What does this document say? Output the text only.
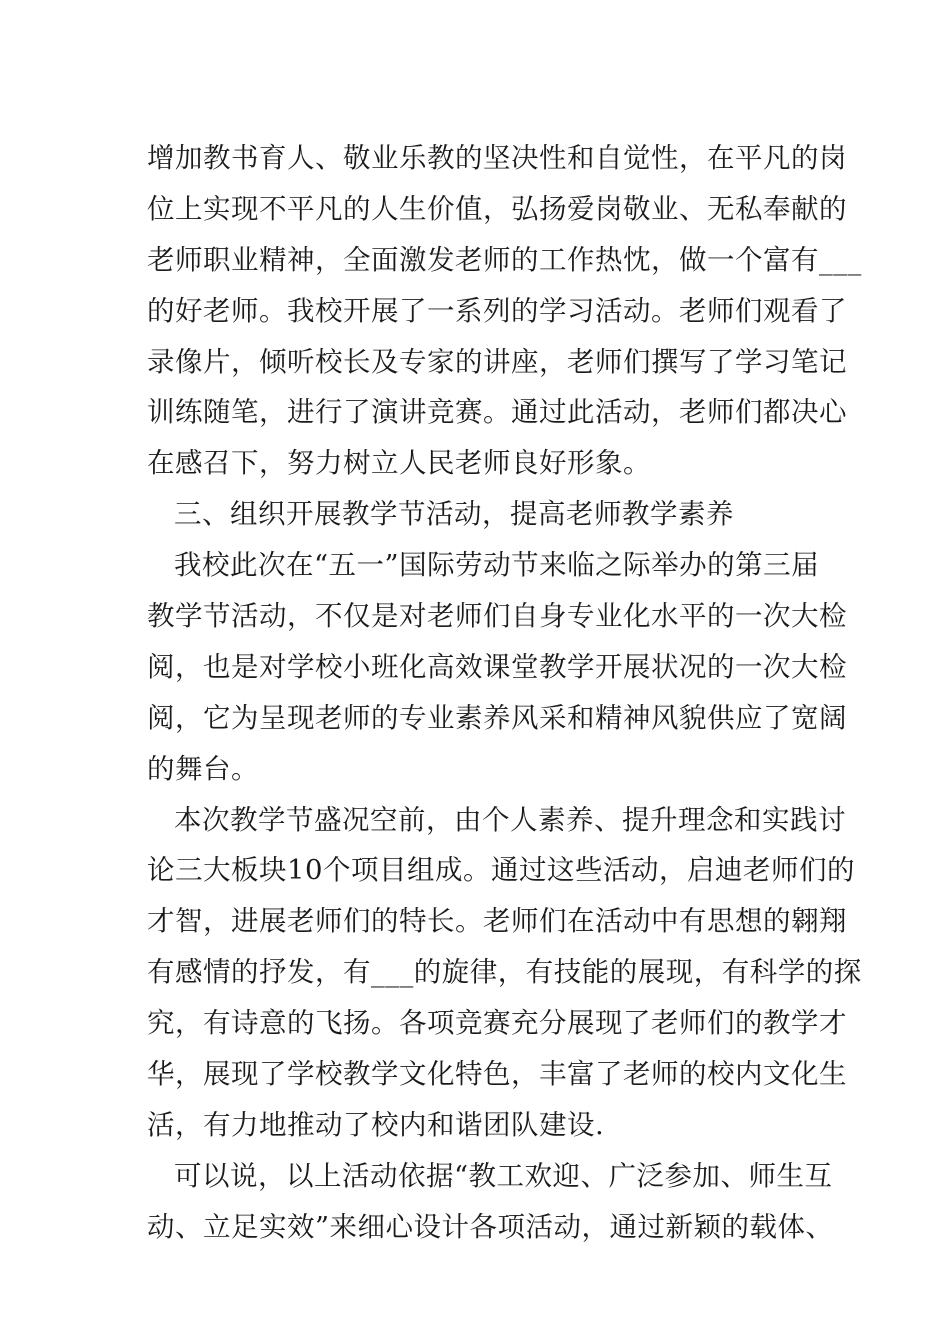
增加教书育人、敬业乐教的坚决性和自觉性，在平凡的岗
位上实现不平凡的人生价值，弘扬爱岗敬业、无私奉献的
老师职业精神，全面激发老师的工作热忱，做一个富有___
的好老师。我校开展了一系列的学习活动。老师们观看了
录像片，倾听校长及专家的讲座，老师们撰写了学习笔记
训练随笔，进行了演讲竞赛。通过此活动，老师们都决心
在感召下，努力树立人民老师良好形象。
三、组织开展教学节活动，提高老师教学素养
我校此次在“五一”国际劳动节来临之际举办的第三届
教学节活动，不仅是对老师们自身专业化水平的一次大检
阅，也是对学校小班化高效课堂教学开展状况的一次大检
阅，它为呈现老师的专业素养风采和精神风貌供应了宽阔
的舞台。
本次教学节盛况空前，由个人素养、提升理念和实践讨
论三大板块10个项目组成。通过这些活动，启迪老师们的
才智，进展老师们的特长。老师们在活动中有思想的翱翔
有感情的抒发，有___的旋律，有技能的展现，有科学的探
究，有诗意的飞扬。各项竞赛充分展现了老师们的教学才
华，展现了学校教学文化特色，丰富了老师的校内文化生
活，有力地推动了校内和谐团队建设.
可以说，以上活动依据“教工欢迎、广泛参加、师生互
动、立足实效”来细心设计各项活动，通过新颖的载体、
